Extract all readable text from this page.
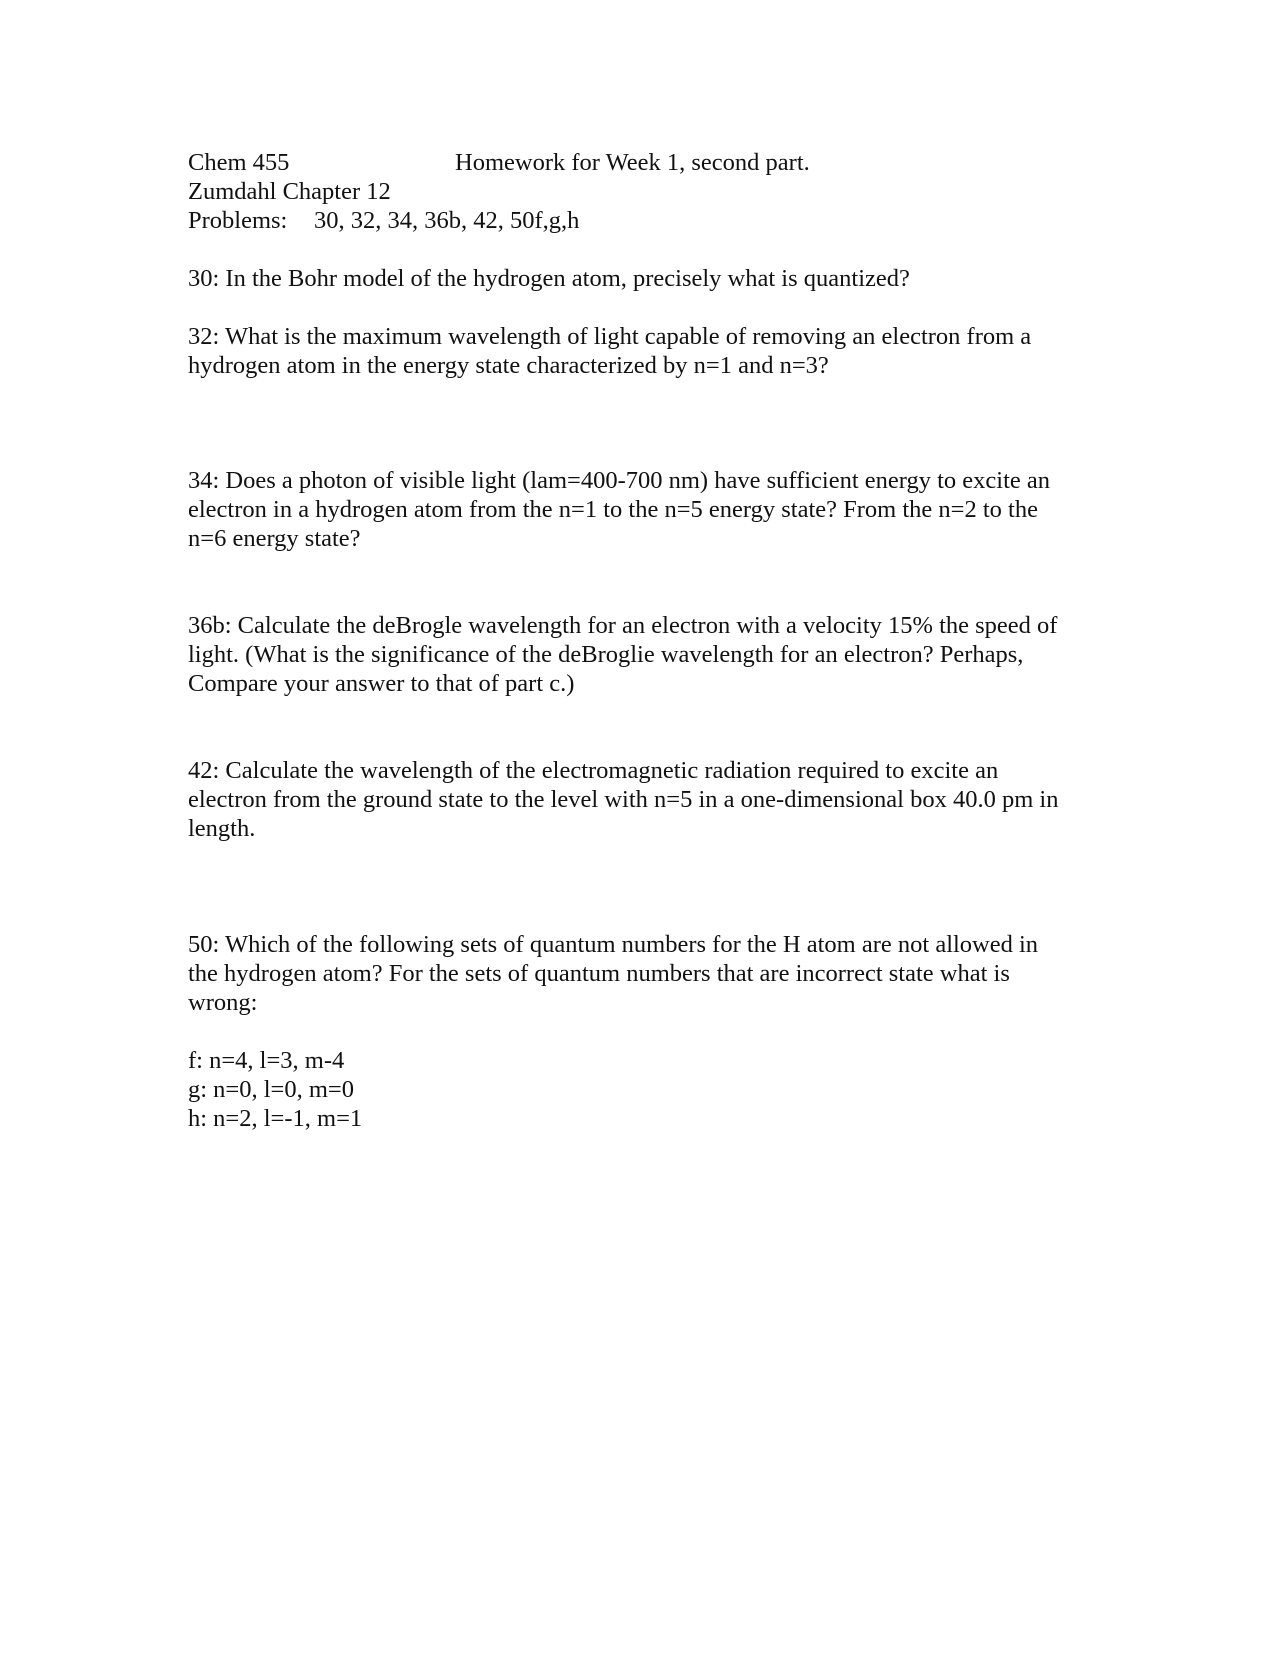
Chem 455	Homework for Week 1, second part.
Zumdahl Chapter 12
Problems: 30, 32, 34, 36b, 42, 50f,g,h

30: In the Bohr model of the hydrogen atom, precisely what is quantized?

32: What is the maximum wavelength of light capable of removing an electron from a

hydrogen atom in the energy state characterized by n=1 and n=3?

34: Does a photon of visible light (lam=400-700 nm) have sufficient energy to excite an

electron in a hydrogen atom from the n=1 to the n=5 energy state? From the n=2 to the

n=6 energy state?

36b: Calculate the deBrogle wavelength for an electron with a velocity 15% the speed of

light. (What is the significance of the deBroglie wavelength for an electron? Perhaps,

Compare your answer to that of part c.)

42: Calculate the wavelength of the electromagnetic radiation required to excite an

electron from the ground state to the level with n=5 in a one-dimensional box 40.0 pm in

length.

50: Which of the following sets of quantum numbers for the H atom are not allowed in

the hydrogen atom? For the sets of quantum numbers that are incorrect state what is

wrong:

f: n=4, l=3, m-4
g: n=0, l=0, m=0
h: n=2, l=-1, m=1
